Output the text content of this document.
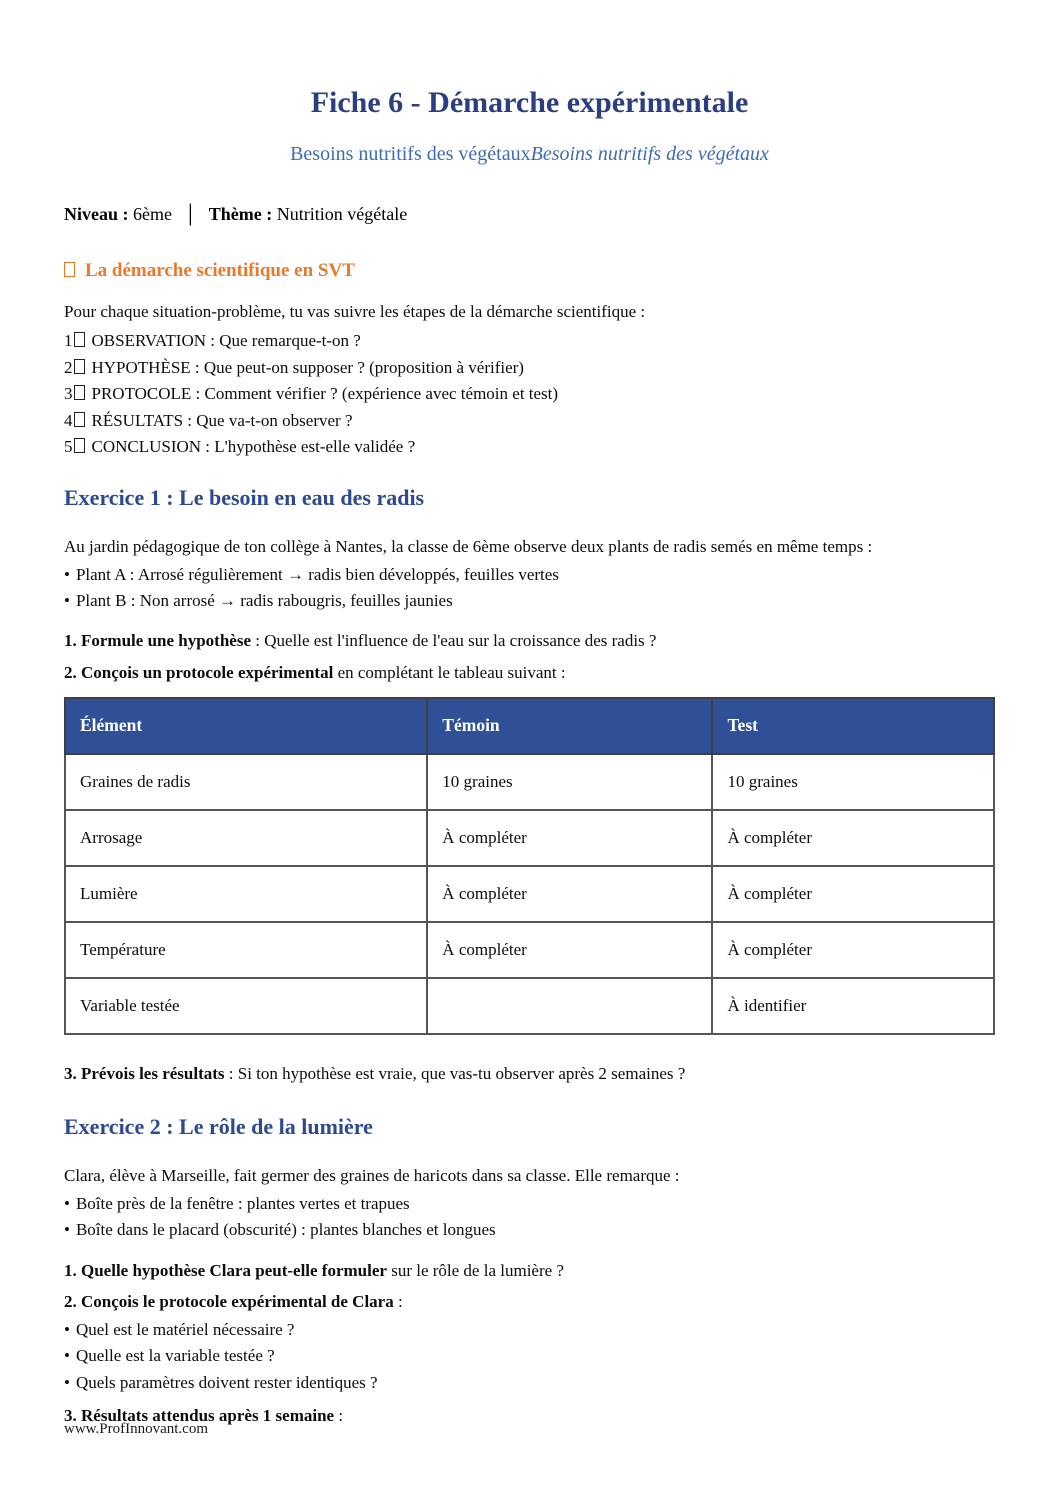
Fiche 6 - Démarche expérimentale
Besoins nutritifs des végétauxBesoins nutritifs des végétaux
Niveau : 6ème │ Thème : Nutrition végétale
La démarche scientifique en SVT

Pour chaque situation-problème, tu vas suivre les étapes de la démarche scientifique :

1 OBSERVATION : Que remarque-t-on ?
2 HYPOTHÈSE : Que peut-on supposer ? (proposition à vérifier)
3 PROTOCOLE : Comment vérifier ? (expérience avec témoin et test)
4 RÉSULTATS : Que va-t-on observer ?
5 CONCLUSION : L'hypothèse est-elle validée ?
Exercice 1 : Le besoin en eau des radis

Au jardin pédagogique de ton collège à Nantes, la classe de 6ème observe deux plants de radis semés en même temps :

• Plant A : Arrosé régulièrement → radis bien développés, feuilles vertes
• Plant B : Non arrosé → radis rabougris, feuilles jaunies

1. Formule une hypothèse : Quelle est l'influence de l'eau sur la croissance des radis ?

2. Conçois un protocole expérimental en complétant le tableau suivant :

Élément	Témoin	Test
Graines de radis	10 graines	10 graines
Arrosage	À compléter	À compléter
Lumière	À compléter	À compléter
Température	À compléter	À compléter
Variable testée		À identifier

3. Prévois les résultats : Si ton hypothèse est vraie, que vas-tu observer après 2 semaines ?

Exercice 2 : Le rôle de la lumière

Clara, élève à Marseille, fait germer des graines de haricots dans sa classe. Elle remarque :

• Boîte près de la fenêtre : plantes vertes et trapues
• Boîte dans le placard (obscurité) : plantes blanches et longues

1. Quelle hypothèse Clara peut-elle formuler sur le rôle de la lumière ?

2. Conçois le protocole expérimental de Clara :

• Quel est le matériel nécessaire ?
• Quelle est la variable testée ?
• Quels paramètres doivent rester identiques ?

3. Résultats attendus après 1 semaine :

www.ProfInnovant.com
